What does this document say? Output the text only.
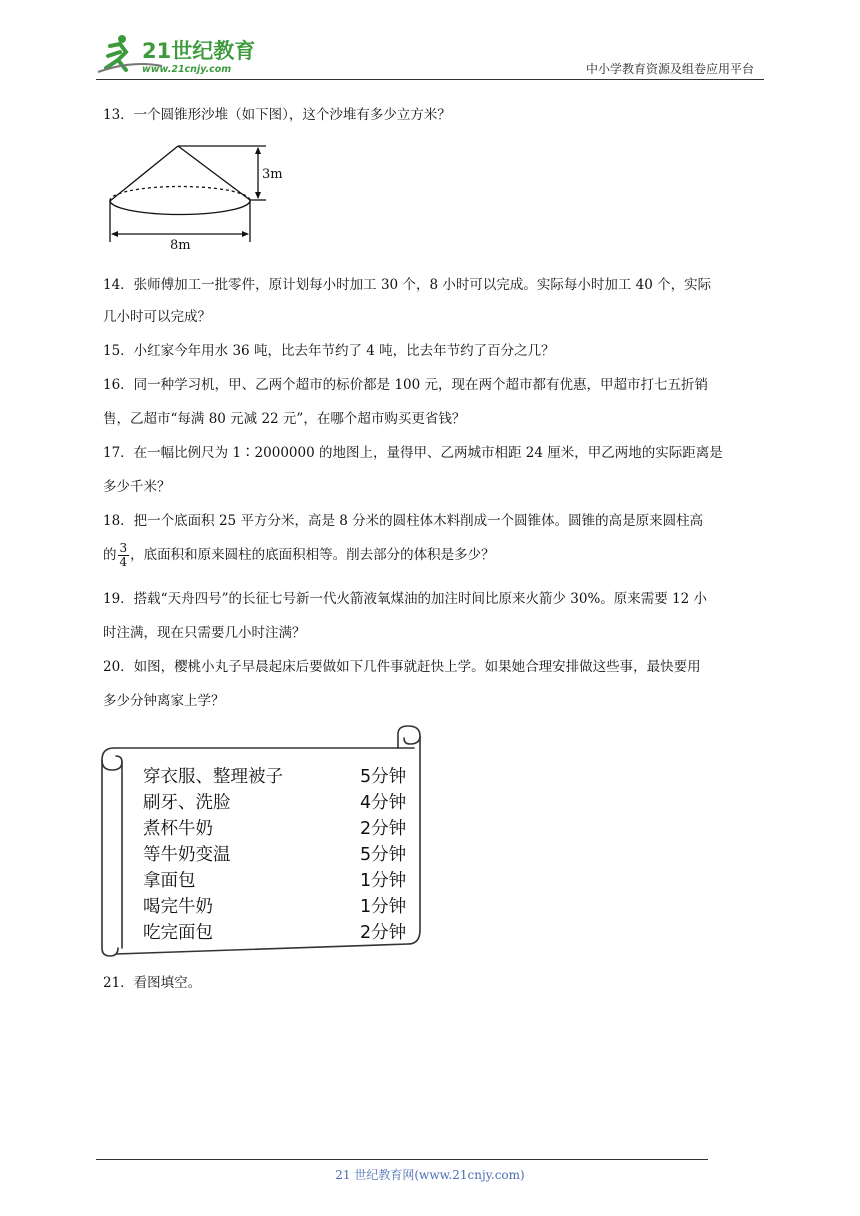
21世纪教育
www.21cnjy.com	中小学教育资源及组卷应用平台
13．一个圆锥形沙堆（如下图），这个沙堆有多少立方米？
3m
8m
14．张师傅加工一批零件，原计划每小时加工 30 个，8 小时可以完成。实际每小时加工 40 个，实际
几小时可以完成？
15．小红家今年用水 36 吨，比去年节约了 4 吨，比去年节约了百分之几？
16．同一种学习机，甲、乙两个超市的标价都是 100 元，现在两个超市都有优惠，甲超市打七五折销
售，乙超市“每满 80 元减 22 元”，在哪个超市购买更省钱？
17．在一幅比例尺为 1∶2000000 的地图上，量得甲、乙两城市相距 24 厘米，甲乙两地的实际距离是
多少千米？
18．把一个底面积 25 平方分米，高是 8 分米的圆柱体木料削成一个圆锥体。圆锥的高是原来圆柱高
的 $\frac{3}{4}$ ，底面积和原来圆柱的底面积相等。削去部分的体积是多少？
19．搭载“天舟四号”的长征七号新一代火箭液氧煤油的加注时间比原来火箭少 30%。原来需要 12 小
时注满，现在只需要几小时注满？
20．如图，樱桃小丸子早晨起床后要做如下几件事就赶快上学。如果她合理安排做这些事，最快要用
多少分钟离家上学？
穿衣服、整理被子	5分钟
刷牙、洗脸	4分钟
煮杯牛奶	2分钟
等牛奶变温	5分钟
拿面包	1分钟
喝完牛奶	1分钟
吃完面包	2分钟
21．看图填空。
21 世纪教育网(www.21cnjy.com)
